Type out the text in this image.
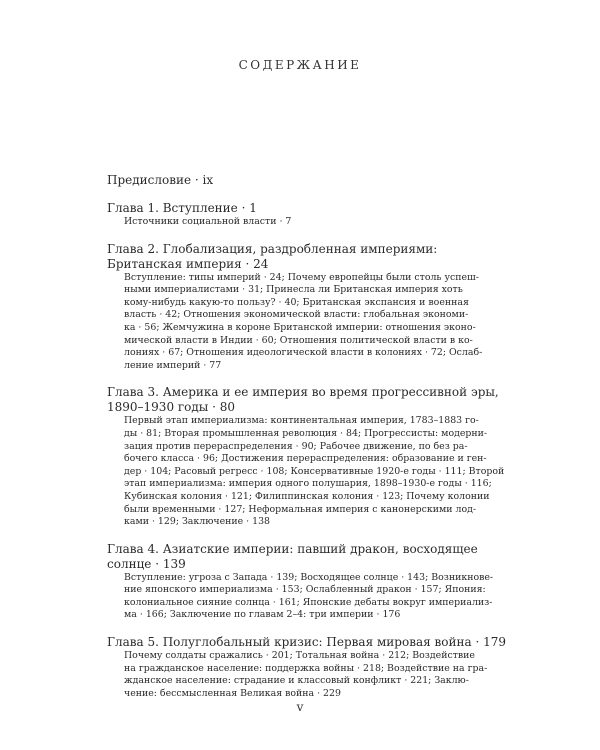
СОДЕРЖАНИЕ
Предисловие · ix
Глава 1. Вступление · 1
Источники социальной власти · 7
Глава 2. Глобализация, раздробленная империями:
Британская империя · 24
Вступление: типы империй · 24; Почему европейцы были столь успеш-
ными империалистами · 31; Принесла ли Британская империя хоть
кому-нибудь какую-то пользу? · 40; Британская экспансия и военная
власть · 42; Отношения экономической власти: глобальная экономи-
ка · 56; Жемчужина в короне Британской империи: отношения эконо-
мической власти в Индии · 60; Отношения политической власти в ко-
лониях · 67; Отношения идеологической власти в колониях · 72; Ослаб-
ление империй · 77
Глава 3. Америка и ее империя во время прогрессивной эры,
1890–1930 годы · 80
Первый этап империализма: континентальная империя, 1783–1883 го-
ды · 81; Вторая промышленная революция · 84; Прогрессисты: модерни-
зация против перераспределения · 90; Рабочее движение, по без ра-
бочего класса · 96; Достижения перераспределения: образование и ген-
дер · 104; Расовый регресс · 108; Консервативные 1920-е годы · 111; Второй
этап империализма: империя одного полушария, 1898–1930-е годы · 116;
Кубинская колония · 121; Филиппинская колония · 123; Почему колонии
были временными · 127; Неформальная империя с канонерскими лод-
ками · 129; Заключение · 138
Глава 4. Азиатские империи: павший дракон, восходящее
солнце · 139
Вступление: угроза с Запада · 139; Восходящее солнце · 143; Возникнове-
ние японского империализма · 153; Ослабленный дракон · 157; Япония:
колониальное сияние солнца · 161; Японские дебаты вокруг империализ-
ма · 166; Заключение по главам 2–4: три империи · 176
Глава 5. Полуглобальный кризис: Первая мировая война · 179
Почему солдаты сражались · 201; Тотальная война · 212; Воздействие
на гражданское население: поддержка войны · 218; Воздействие на гра-
жданское население: страдание и классовый конфликт · 221; Заклю-
чение: бессмысленная Великая война · 229
v
